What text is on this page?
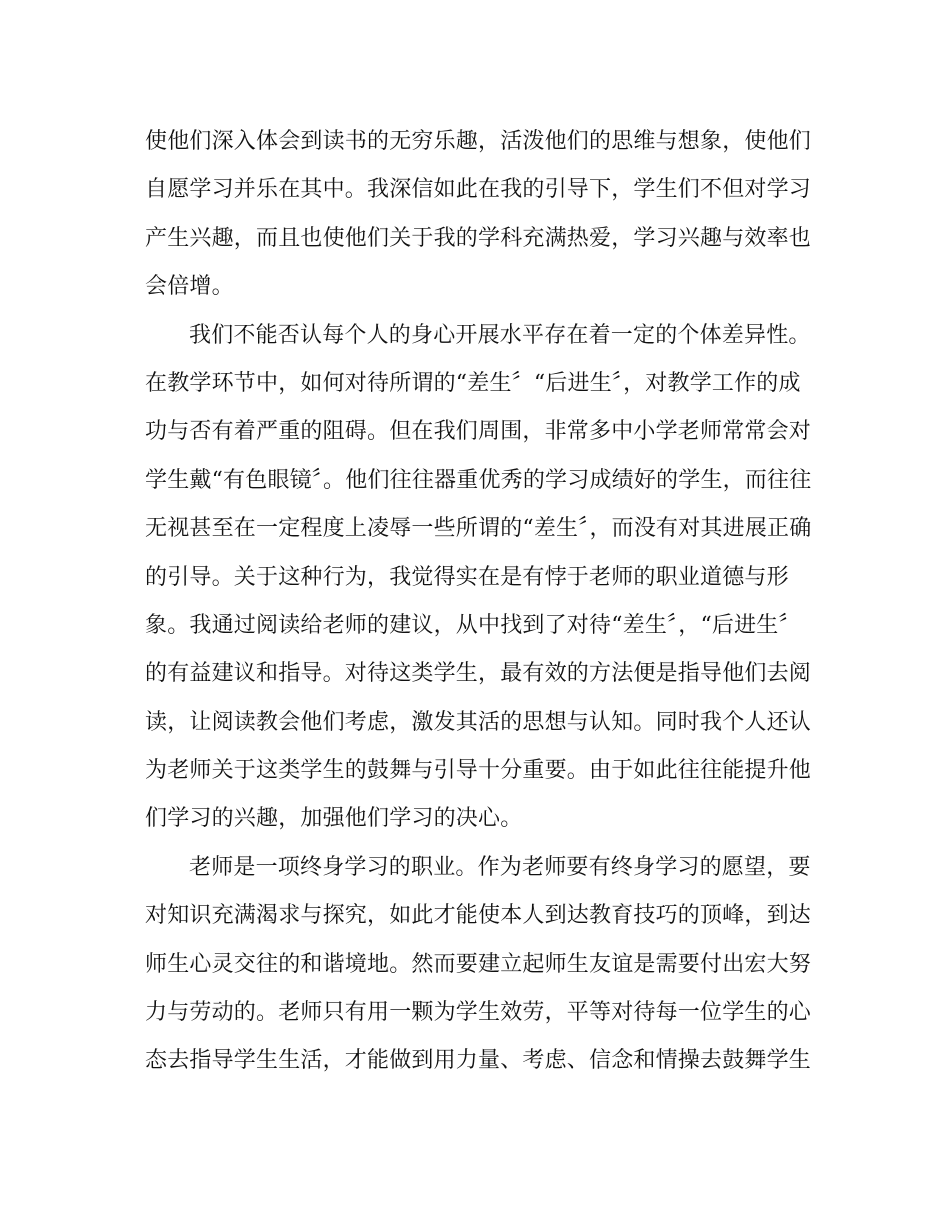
使他们深入体会到读书的无穷乐趣，活泼他们的思维与想象，使他们
自愿学习并乐在其中。我深信如此在我的引导下，学生们不但对学习
产生兴趣，而且也使他们关于我的学科充满热爱，学习兴趣与效率也
会倍增。
我们不能否认每个人的身心开展水平存在着一定的个体差异性。
在教学环节中，如何对待所谓的“差生〞“后进生〞，对教学工作的成
功与否有着严重的阻碍。但在我们周围，非常多中小学老师常常会对
学生戴“有色眼镜〞。他们往往器重优秀的学习成绩好的学生，而往往
无视甚至在一定程度上凌辱一些所谓的“差生〞，而没有对其进展正确
的引导。关于这种行为，我觉得实在是有悖于老师的职业道德与形
象。我通过阅读给老师的建议，从中找到了对待“差生〞，“后进生〞
的有益建议和指导。对待这类学生，最有效的方法便是指导他们去阅
读，让阅读教会他们考虑，激发其活的思想与认知。同时我个人还认
为老师关于这类学生的鼓舞与引导十分重要。由于如此往往能提升他
们学习的兴趣，加强他们学习的决心。
老师是一项终身学习的职业。作为老师要有终身学习的愿望，要
对知识充满渴求与探究，如此才能使本人到达教育技巧的顶峰，到达
师生心灵交往的和谐境地。然而要建立起师生友谊是需要付出宏大努
力与劳动的。老师只有用一颗为学生效劳，平等对待每一位学生的心
态去指导学生生活，才能做到用力量、考虑、信念和情操去鼓舞学生
